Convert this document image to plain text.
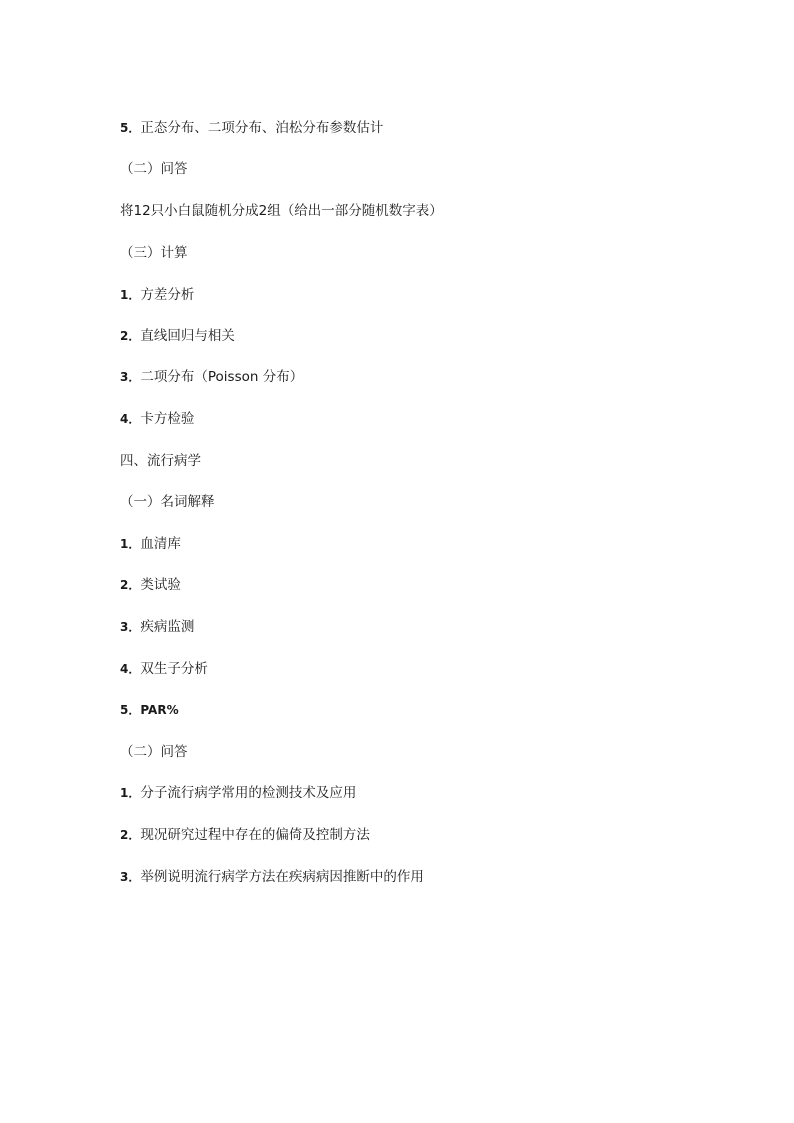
5．正态分布、二项分布、泊松分布参数估计
（二）问答
将12只小白鼠随机分成2组（给出一部分随机数字表）
（三）计算
1．方差分析
2．直线回归与相关
3．二项分布（Poisson 分布）
4．卡方检验
四、流行病学
（一）名词解释
1．血清库
2．类试验
3．疾病监测
4．双生子分析
5．PAR%
（二）问答
1．分子流行病学常用的检测技术及应用
2．现况研究过程中存在的偏倚及控制方法
3．举例说明流行病学方法在疾病病因推断中的作用
